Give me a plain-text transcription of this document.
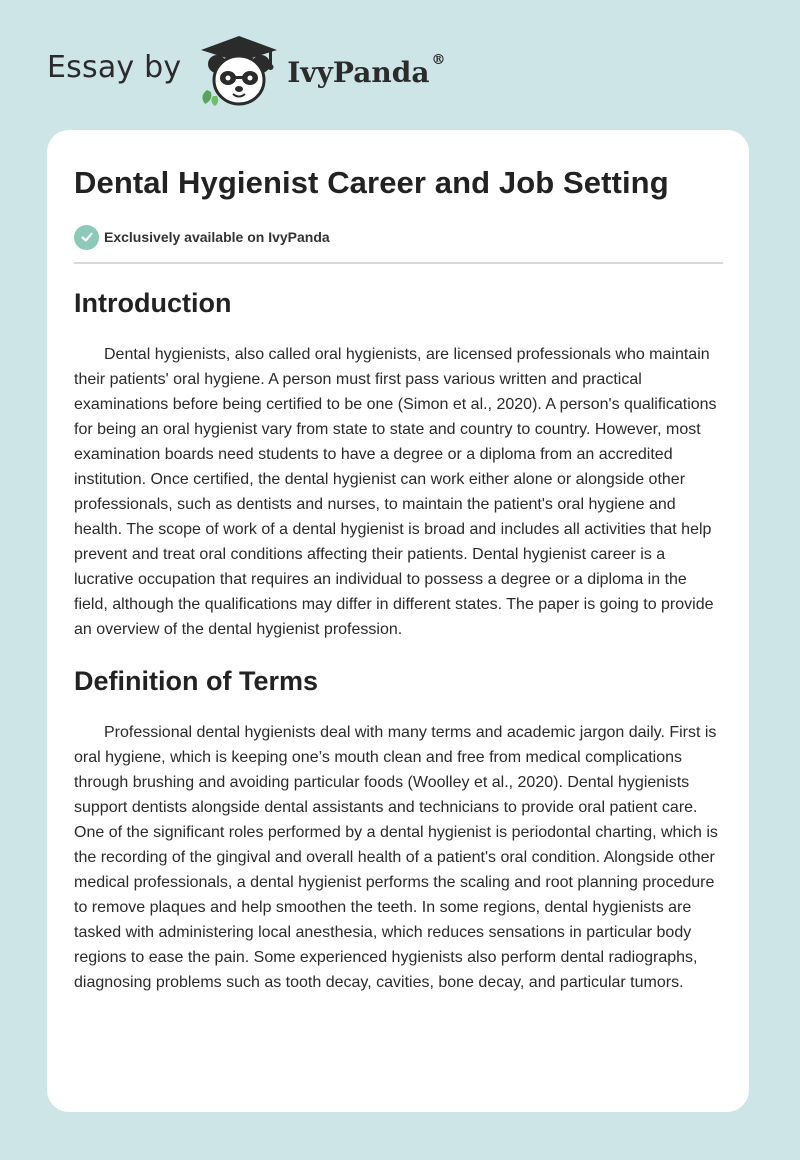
Essay by	IvyPanda ®
Dental Hygienist Career and Job Setting
Exclusively available on IvyPanda
Introduction

Dental hygienists, also called oral hygienists, are licensed professionals who maintain their patients' oral hygiene. A person must first pass various written and practical examinations before being certified to be one (Simon et al., 2020). A person's qualifications for being an oral hygienist vary from state to state and country to country. However, most examination boards need students to have a degree or a diploma from an accredited institution. Once certified, the dental hygienist can work either alone or alongside other professionals, such as dentists and nurses, to maintain the patient's oral hygiene and health. The scope of work of a dental hygienist is broad and includes all activities that help prevent and treat oral conditions affecting their patients. Dental hygienist career is a lucrative occupation that requires an individual to possess a degree or a diploma in the field, although the qualifications may differ in different states. The paper is going to provide an overview of the dental hygienist profession.

Definition of Terms

Professional dental hygienists deal with many terms and academic jargon daily. First is oral hygiene, which is keeping one’s mouth clean and free from medical complications through brushing and avoiding particular foods (Woolley et al., 2020). Dental hygienists support dentists alongside dental assistants and technicians to provide oral patient care. One of the significant roles performed by a dental hygienist is periodontal charting, which is the recording of the gingival and overall health of a patient's oral condition. Alongside other medical professionals, a dental hygienist performs the scaling and root planning procedure to remove plaques and help smoothen the teeth. In some regions, dental hygienists are tasked with administering local anesthesia, which reduces sensations in particular body regions to ease the pain. Some experienced hygienists also perform dental radiographs, diagnosing problems such as tooth decay, cavities, bone decay, and particular tumors.
